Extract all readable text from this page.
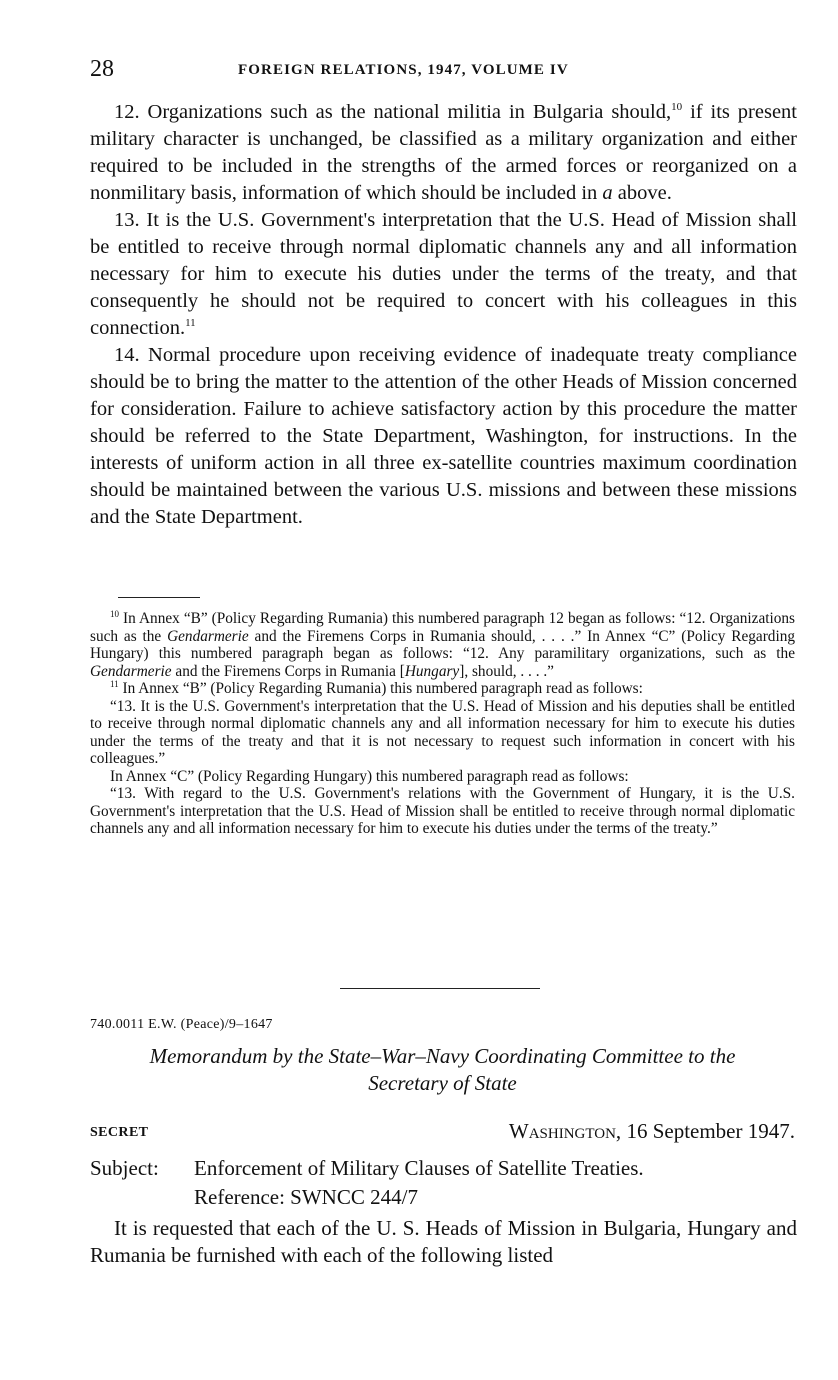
28	FOREIGN RELATIONS, 1947, VOLUME IV

12. Organizations such as the national militia in Bulgaria should,$^{10}$ if its present military character is unchanged, be classified as a military organization and either required to be included in the strengths of the armed forces or reorganized on a nonmilitary basis, information of which should be included in a above.

13. It is the U.S. Government's interpretation that the U.S. Head of Mission shall be entitled to receive through normal diplomatic channels any and all information necessary for him to execute his duties under the terms of the treaty, and that consequently he should not be required to concert with his colleagues in this connection.$^{11}$

14. Normal procedure upon receiving evidence of inadequate treaty compliance should be to bring the matter to the attention of the other Heads of Mission concerned for consideration. Failure to achieve satisfactory action by this procedure the matter should be referred to the State Department, Washington, for instructions. In the interests of uniform action in all three ex-satellite countries maximum coordination should be maintained between the various U.S. missions and between these missions and the State Department.

$^{10}$ In Annex “B” (Policy Regarding Rumania) this numbered paragraph 12 began as follows: “12. Organizations such as the Gendarmerie and the Firemens Corps in Rumania should, . . . .” In Annex “C” (Policy Regarding Hungary) this numbered paragraph began as follows: “12. Any paramilitary organizations, such as the Gendarmerie and the Firemens Corps in Rumania [Hungary], should, . . . .”

$^{11}$ In Annex “B” (Policy Regarding Rumania) this numbered paragraph read as follows:

“13. It is the U.S. Government's interpretation that the U.S. Head of Mission and his deputies shall be entitled to receive through normal diplomatic channels any and all information necessary for him to execute his duties under the terms of the treaty and that it is not necessary to request such information in concert with his colleagues.”

In Annex “C” (Policy Regarding Hungary) this numbered paragraph read as follows:

“13. With regard to the U.S. Government's relations with the Government of Hungary, it is the U.S. Government's interpretation that the U.S. Head of Mission shall be entitled to receive through normal diplomatic channels any and all information necessary for him to execute his duties under the terms of the treaty.”

740.0011 E.W. (Peace)/9–1647
Memorandum by the State–War–Navy Coordinating Committee to the
Secretary of State
SECRET	Washington, 16 September 1947.
Subject: Enforcement of Military Clauses of Satellite Treaties.
Reference: SWNCC 244/7

It is requested that each of the U. S. Heads of Mission in Bulgaria, Hungary and Rumania be furnished with each of the following listed
